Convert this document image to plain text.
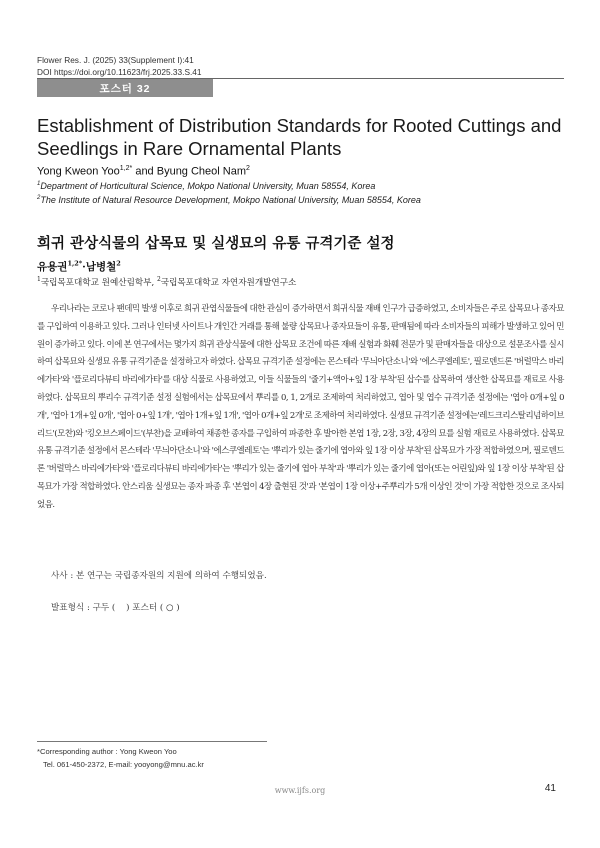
Flower Res. J. (2025) 33(Supplement I):41
DOI https://doi.org/10.11623/frj.2025.33.S.41
포스터 32
Establishment of Distribution Standards for Rooted Cuttings and Seedlings in Rare Ornamental Plants
Yong Kweon Yoo$^{1,2*}$ and Byung Cheol Nam$^2$
$^1$Department of Horticultural Science, Mokpo National University, Muan 58554, Korea
$^2$The Institute of Natural Resource Development, Mokpo National University, Muan 58554, Korea
희귀 관상식물의 삽목묘 및 실생묘의 유통 규격기준 설정
유용권$^{1,2*}$·남병철$^2$
$^1$국립목포대학교 원예산림학부, $^2$국립목포대학교 자연자원개발연구소

우리나라는 코로나 팬데믹 발생 이후로 희귀 관엽식물들에 대한 관심이 증가하면서 희귀식물 재배 인구가 급증하였고, 소비자들은 주로 삽목묘나 종자묘를 구입하여 이용하고 있다. 그러나 인터넷 사이트나 개인간 거래를 통해 불량 삽목묘나 종자묘들이 유통, 판매됨에 따라 소비자들의 피해가 발생하고 있어 민원이 증가하고 있다. 이에 본 연구에서는 몇가지 희귀 관상식물에 대한 삽목묘 조건에 따른 재배 실험과 화훼 전문가 및 판매자들을 대상으로 설문조사를 실시하여 삽목묘와 실생묘 유통 규격기준을 설정하고자 하였다. 삽목묘 규격기준 설정에는 몬스테라 '무늬아단소니'와 '에스쿠엘레토', 필로덴드론 '버럴막스 바리에가타'와 '플로리다뷰티 바리에가타'를 대상 식물로 사용하였고, 이들 식물들의 '줄기+액아+잎 1장 부착'된 삽수를 삽목하여 생산한 삽목묘를 재료로 사용하였다. 삽목묘의 뿌리수 규격기준 설정 실험에서는 삽목묘에서 뿌리를 0, 1, 2개로 조제하여 처리하였고, 엽아 및 엽수 규격기준 설정에는 '엽아 0개+잎 0개', '엽아 1개+잎 0개', '엽아 0+잎 1개', '엽아 1개+잎 1개', '엽아 0개+잎 2개'로 조제하여 처리하였다. 실생묘 규격기준 설정에는'레드크리스탈리넘하이브리드'(모찬)와 '킹오브스페이드'(부찬)을 교배하여 채종한 종자를 구입하여 파종한 후 발아한 본엽 1장, 2장, 3장, 4장의 묘를 실험 재료로 사용하였다. 삽목묘 유통 규격기준 설정에서 몬스테라 '무늬아단소니'와 '에스쿠엘레토'는 '뿌리가 있는 줄기에 엽아와 잎 1장 이상 부착'된 삽목묘가 가장 적합하였으며, 필로덴드론 '버럴막스 바리에가타'와 '플로리다뷰티 바리에가타'는 '뿌리가 있는 줄기에 엽아 부착'과 '뿌리가 있는 줄기에 엽아(또는 어린잎)와 잎 1장 이상 부착'된 삽목묘가 가장 적합하였다. 안스리움 실생묘는 종자 파종 후 '본엽이 4장 출현된 것'과 '본엽이 1장 이상+주뿌리가 5개 이상인 것'이 가장 적합한 것으로 조사되었음.

사사 : 본 연구는 국립종자원의 지원에 의하여 수행되었음.
발표형식 : 구두 (    ) 포스터 ( ○ )
*Corresponding author : Yong Kweon Yoo
Tel. 061-450-2372, E-mail: yooyong@mnu.ac.kr
www.ijfs.org	41
